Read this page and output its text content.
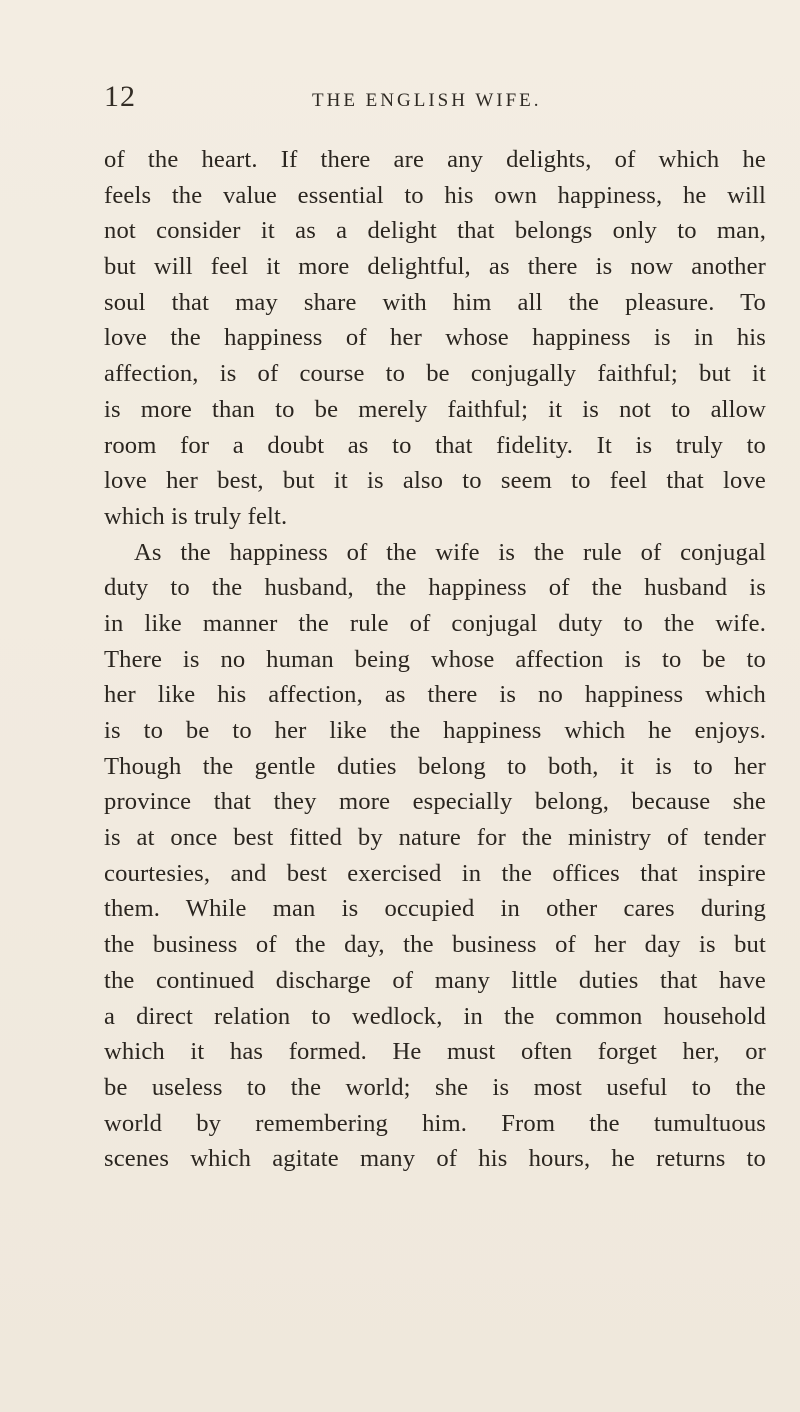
12	THE ENGLISH WIFE.
of the heart. If there are any delights, of which he
feels the value essential to his own happiness, he will
not consider it as a delight that belongs only to man,
but will feel it more delightful, as there is now another
soul that may share with him all the pleasure. To
love the happiness of her whose happiness is in his
affection, is of course to be conjugally faithful; but it
is more than to be merely faithful; it is not to allow
room for a doubt as to that fidelity. It is truly to
love her best, but it is also to seem to feel that love
which is truly felt.
As the happiness of the wife is the rule of conjugal
duty to the husband, the happiness of the husband is
in like manner the rule of conjugal duty to the wife.
There is no human being whose affection is to be to
her like his affection, as there is no happiness which
is to be to her like the happiness which he enjoys.
Though the gentle duties belong to both, it is to her
province that they more especially belong, because she
is at once best fitted by nature for the ministry of tender
courtesies, and best exercised in the offices that inspire
them. While man is occupied in other cares during
the business of the day, the business of her day is but
the continued discharge of many little duties that have
a direct relation to wedlock, in the common household
which it has formed. He must often forget her, or
be useless to the world; she is most useful to the
world by remembering him. From the tumultuous
scenes which agitate many of his hours, he returns to
